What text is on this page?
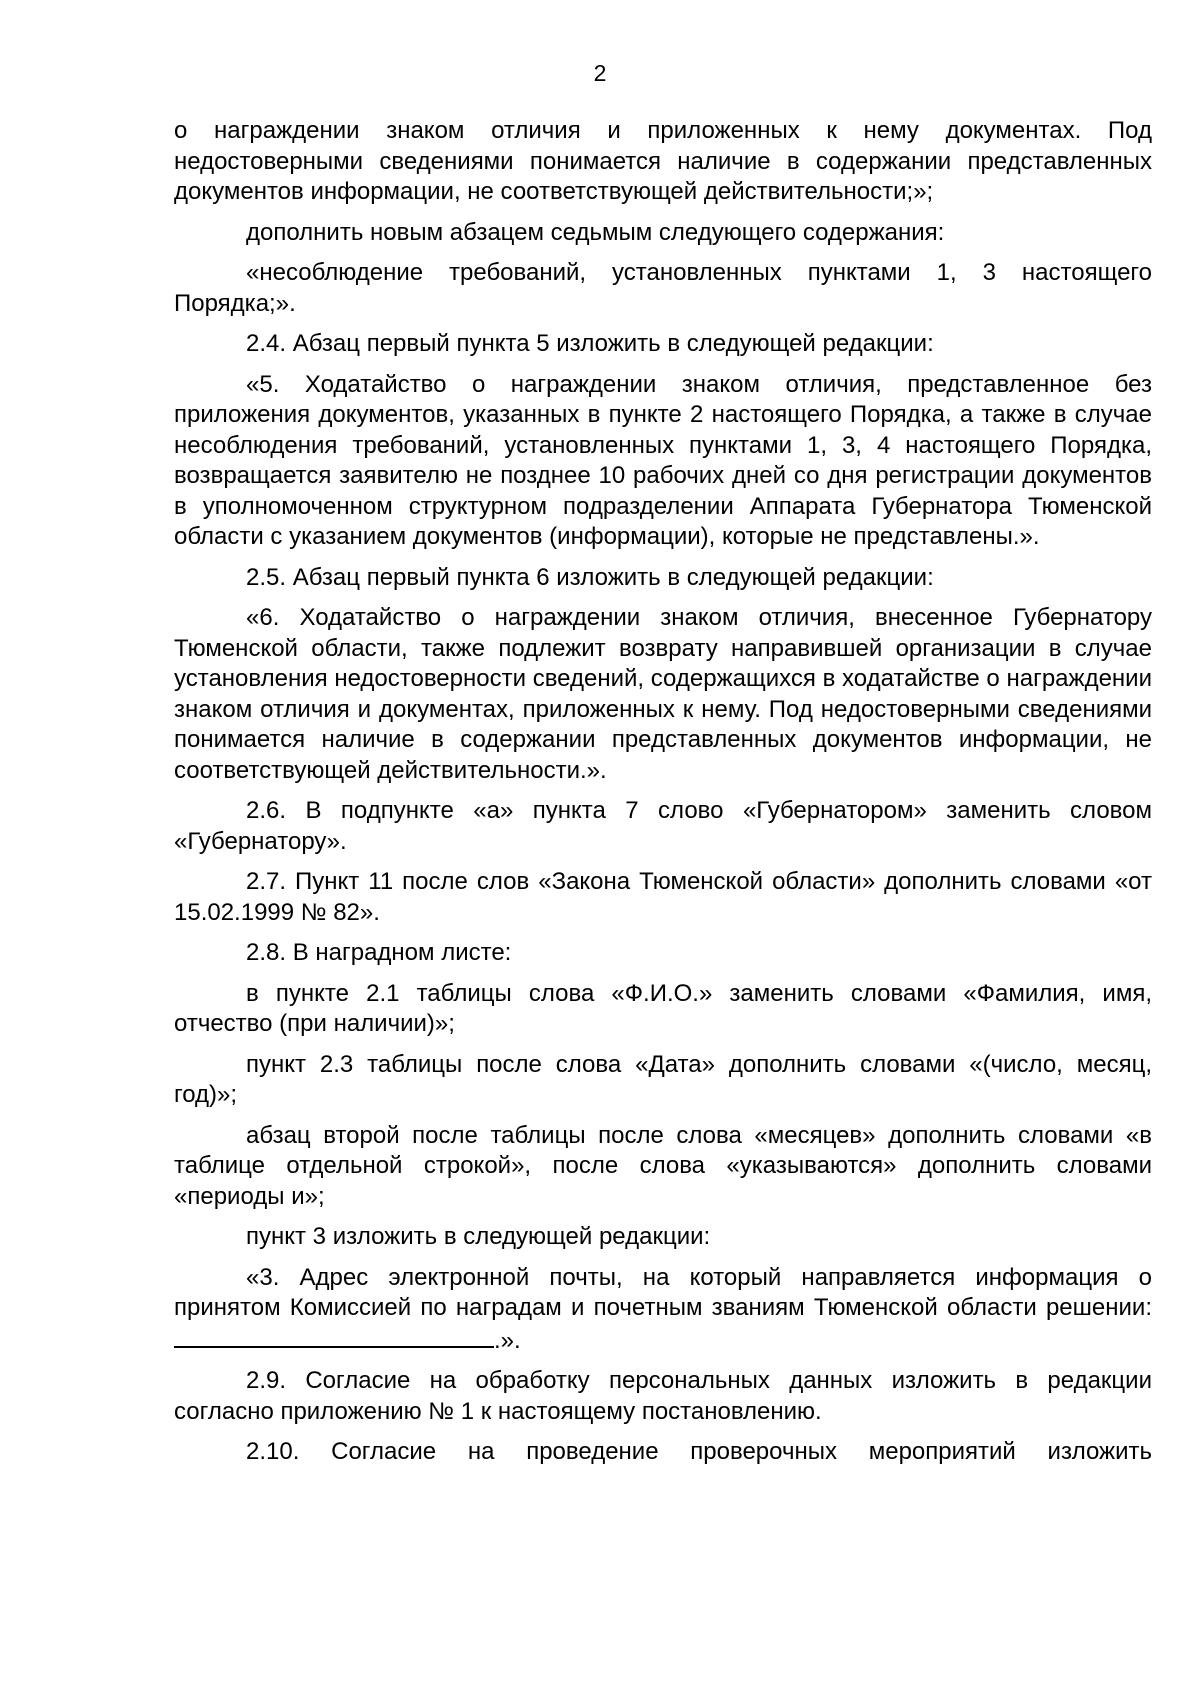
2

о награждении знаком отличия и приложенных к нему документах. Под недостоверными сведениями понимается наличие в содержании представленных документов информации, не соответствующей действительности;»;

дополнить новым абзацем седьмым следующего содержания:

«несоблюдение требований, установленных пунктами 1, 3 настоящего Порядка;».

2.4. Абзац первый пункта 5 изложить в следующей редакции:

«5. Ходатайство о награждении знаком отличия, представленное без приложения документов, указанных в пункте 2 настоящего Порядка, а также в случае несоблюдения требований, установленных пунктами 1, 3, 4 настоящего Порядка, возвращается заявителю не позднее 10 рабочих дней со дня регистрации документов в уполномоченном структурном подразделении Аппарата Губернатора Тюменской области с указанием документов (информации), которые не представлены.».

2.5. Абзац первый пункта 6 изложить в следующей редакции:

«6. Ходатайство о награждении знаком отличия, внесенное Губернатору Тюменской области, также подлежит возврату направившей организации в случае установления недостоверности сведений, содержащихся в ходатайстве о награждении знаком отличия и документах, приложенных к нему. Под недостоверными сведениями понимается наличие в содержании представленных документов информации, не соответствующей действительности.».

2.6. В подпункте «а» пункта 7 слово «Губернатором» заменить словом «Губернатору».

2.7. Пункт 11 после слов «Закона Тюменской области» дополнить словами «от 15.02.1999 № 82».

2.8. В наградном листе:

в пункте 2.1 таблицы слова «Ф.И.О.» заменить словами «Фамилия, имя, отчество (при наличии)»;

пункт 2.3 таблицы после слова «Дата» дополнить словами «(число, месяц, год)»;

абзац второй после таблицы после слова «месяцев» дополнить словами «в таблице отдельной строкой», после слова «указываются» дополнить словами «периоды и»;

пункт 3 изложить в следующей редакции:

«3. Адрес электронной почты, на который направляется информация о принятом Комиссией по наградам и почетным званиям Тюменской области решении:.».

2.9. Согласие на обработку персональных данных изложить в редакции согласно приложению № 1 к настоящему постановлению.

2.10. Согласие на проведение проверочных мероприятий изложить
